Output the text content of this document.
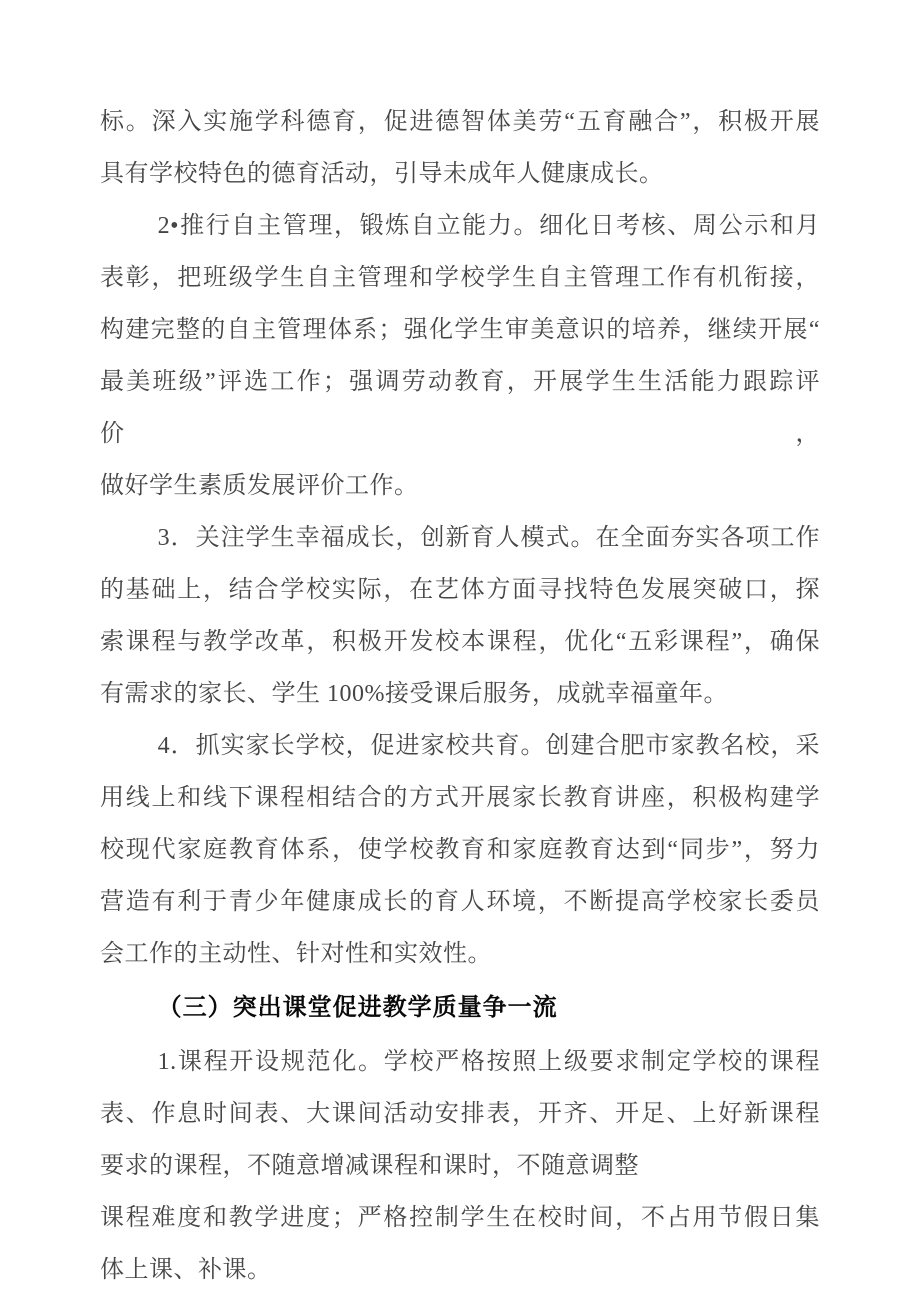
标。深入实施学科德育，促进德智体美劳“五育融合”，积极开展

具有学校特色的德育活动，引导未成年人健康成长。

2•推行自主管理，锻炼自立能力。细化日考核、周公示和月

表彰，把班级学生自主管理和学校学生自主管理工作有机衔接，

构建完整的自主管理体系；强化学生审美意识的培养，继续开展“

最美班级”评选工作；强调劳动教育，开展学生生活能力跟踪评价，

做好学生素质发展评价工作。

3．关注学生幸福成长，创新育人模式。在全面夯实各项工作

的基础上，结合学校实际，在艺体方面寻找特色发展突破口，探

索课程与教学改革，积极开发校本课程，优化“五彩课程”，确保

有需求的家长、学生 100%接受课后服务，成就幸福童年。

4．抓实家长学校，促进家校共育。创建合肥市家教名校，采

用线上和线下课程相结合的方式开展家长教育讲座，积极构建学

校现代家庭教育体系，使学校教育和家庭教育达到“同步”，努力

营造有利于青少年健康成长的育人环境，不断提高学校家长委员

会工作的主动性、针对性和实效性。

（三）突出课堂促进教学质量争一流

1.课程开设规范化。学校严格按照上级要求制定学校的课程

表、作息时间表、大课间活动安排表，开齐、开足、上好新课程

要求的课程，不随意增减课程和课时，不随意调整

课程难度和教学进度；严格控制学生在校时间，不占用节假日集

体上课、补课。
